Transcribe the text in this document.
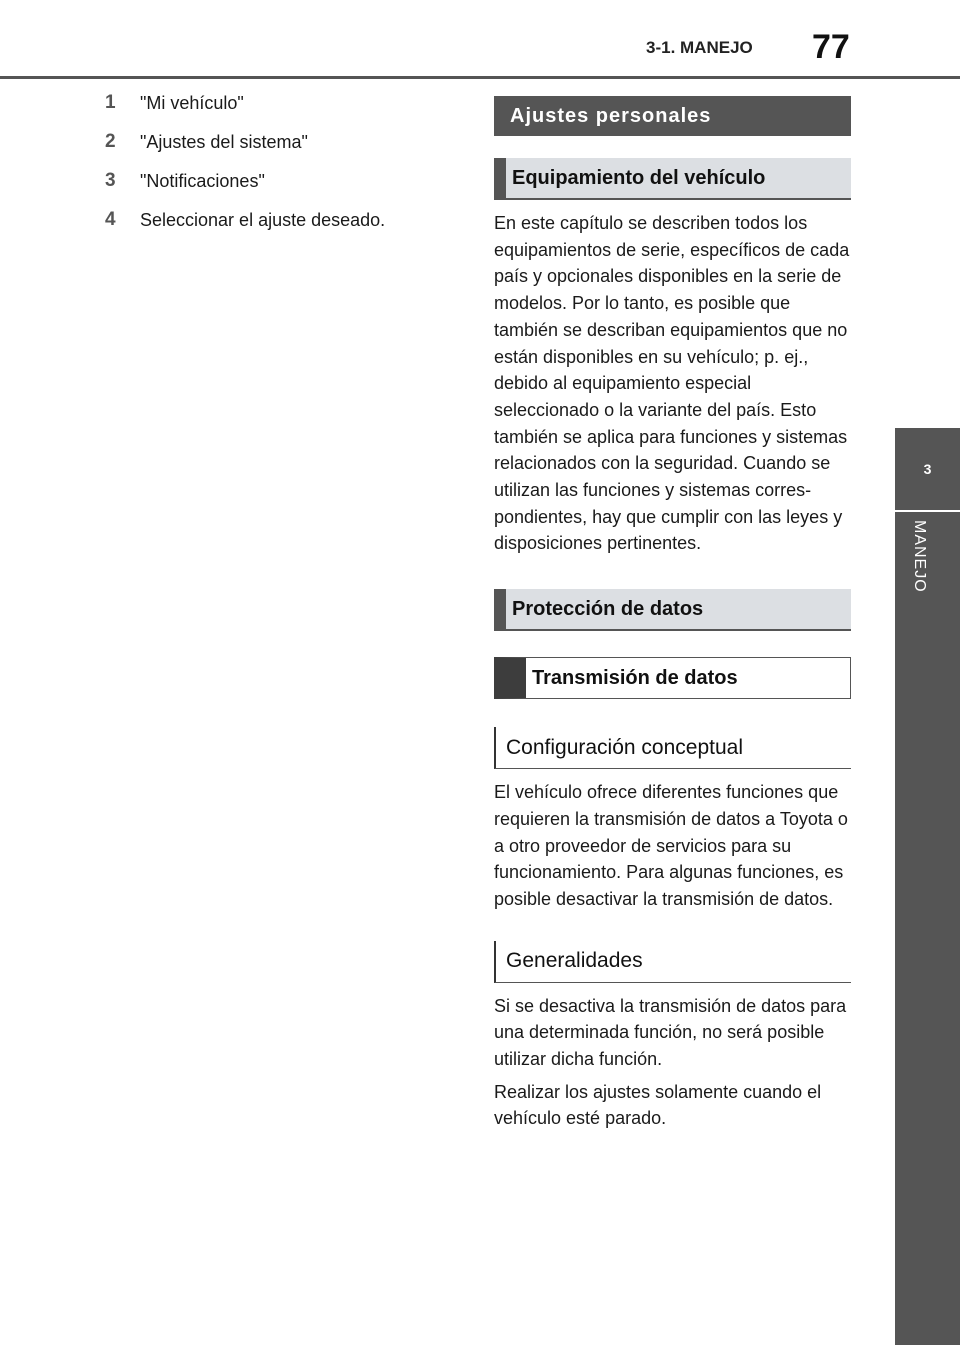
3-1. MANEJO 77
3
MANEJO
1	"Mi vehículo"
2	"Ajustes del sistema"
3	"Notificaciones"
4	Seleccionar el ajuste deseado.
Ajustes personales
Equipamiento del vehículo

En este capítulo se describen todos los equipamientos de serie, específicos de cada país y opcionales disponibles en la serie de modelos. Por lo tanto, es posible que también se describan equipamientos que no están disponibles en su vehículo; p. ej., debido al equipamiento especial seleccionado o la variante del país. Esto también se aplica para funciones y sistemas relacionados con la seguridad. Cuando se utilizan las funciones y sistemas correspondientes, hay que cumplir con las leyes y disposiciones pertinentes.

Protección de datos
Transmisión de datos
Configuración conceptual

El vehículo ofrece diferentes funciones que requieren la transmisión de datos a Toyota o a otro proveedor de servicios para su funcionamiento. Para algunas funciones, es posible desactivar la transmisión de datos.

Generalidades

Si se desactiva la transmisión de datos para una determinada función, no será posible utilizar dicha función.

Realizar los ajustes solamente cuando el vehículo esté parado.
